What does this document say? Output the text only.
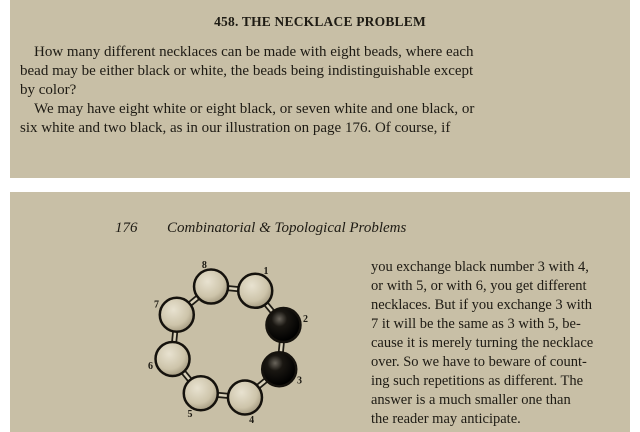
458. THE NECKLACE PROBLEM
How many different necklaces can be made with eight beads, where each
bead may be either black or white, the beads being indistinguishable except
by color?
We may have eight white or eight black, or seven white and one black, or
six white and two black, as in our illustration on page 176. Of course, if
176 Combinatorial & Topological Problems
1
2
3
4
5
6
7
8	you exchange black number 3 with 4,
or with 5, or with 6, you get different
necklaces. But if you exchange 3 with
7 it will be the same as 3 with 5, be-
cause it is merely turning the necklace
over. So we have to beware of count-
ing such repetitions as different. The
answer is a much smaller one than
the reader may anticipate.
